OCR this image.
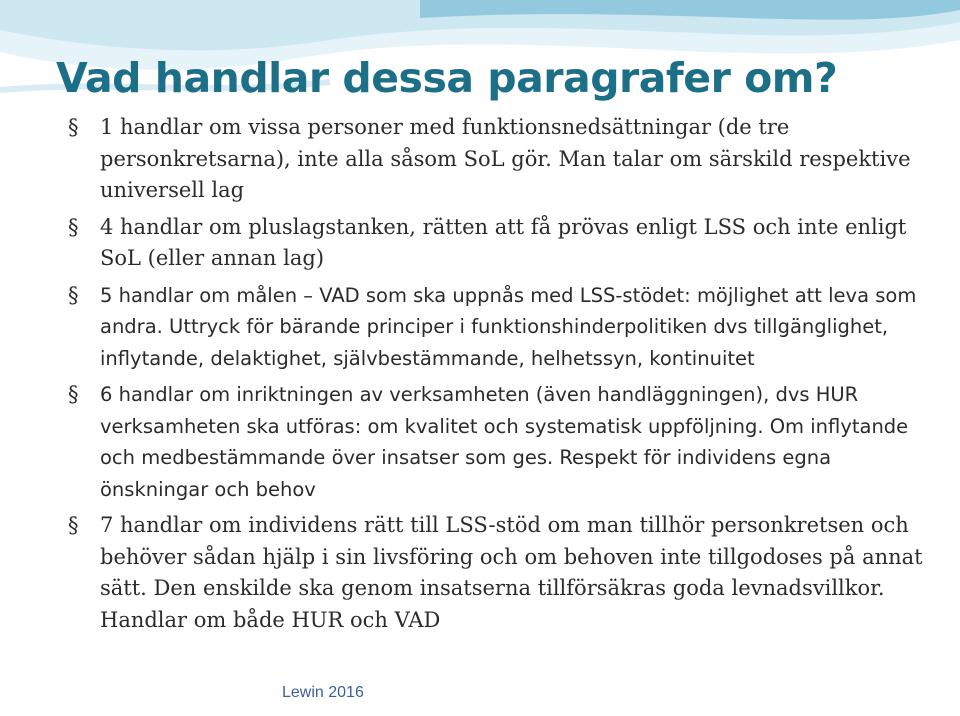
Vad handlar dessa paragrafer om?
§ 1 handlar om vissa personer med funktionsnedsättningar (de tre personkretsarna), inte alla såsom SoL gör. Man talar om särskild respektive universell lag
§ 4 handlar om pluslagstanken, rätten att få prövas enligt LSS och inte enligt SoL (eller annan lag)
§ 5 handlar om målen – VAD som ska uppnås med LSS-stödet: möjlighet att leva som andra. Uttryck för bärande principer i funktionshinderpolitiken dvs tillgänglighet, inflytande, delaktighet, självbestämmande, helhetssyn, kontinuitet
§ 6 handlar om inriktningen av verksamheten (även handläggningen), dvs HUR verksamheten ska utföras: om kvalitet och systematisk uppföljning. Om inflytande och medbestämmande över insatser som ges. Respekt för individens egna önskningar och behov
§ 7 handlar om individens rätt till LSS-stöd om man tillhör personkretsen och behöver sådan hjälp i sin livsföring och om behoven inte tillgodoses på annat sätt. Den enskilde ska genom insatserna tillförsäkras goda levnadsvillkor. Handlar om både HUR och VAD
Lewin 2016
